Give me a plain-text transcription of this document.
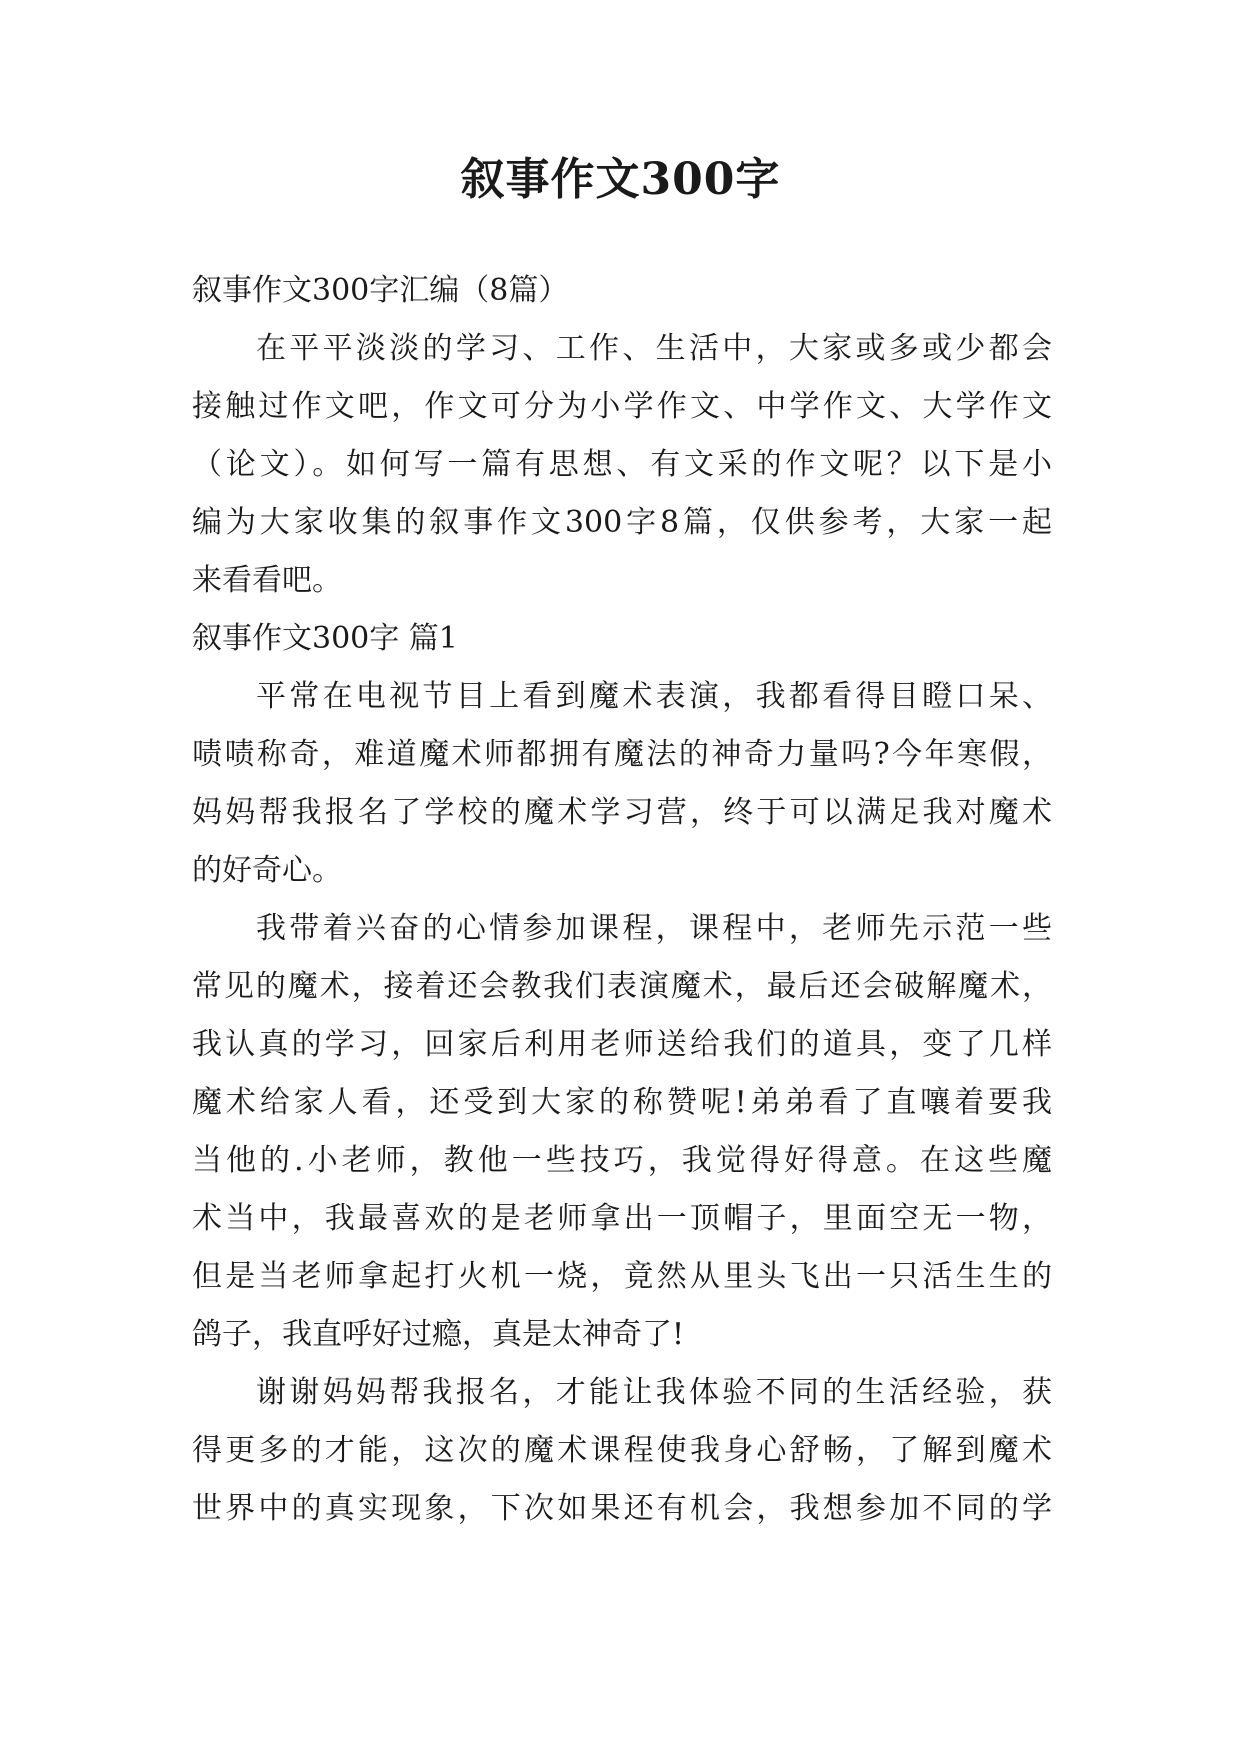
叙事作文300字

叙事作文300字汇编（8篇）

在平平淡淡的学习、工作、生活中，大家或多或少都会

接触过作文吧，作文可分为小学作文、中学作文、大学作文

（论文）。如何写一篇有思想、有文采的作文呢？以下是小

编为大家收集的叙事作文300字8篇，仅供参考，大家一起

来看看吧。

叙事作文300字 篇1

平常在电视节目上看到魔术表演，我都看得目瞪口呆、

啧啧称奇，难道魔术师都拥有魔法的神奇力量吗?今年寒假，

妈妈帮我报名了学校的魔术学习营，终于可以满足我对魔术

的好奇心。

我带着兴奋的心情参加课程，课程中，老师先示范一些

常见的魔术，接着还会教我们表演魔术，最后还会破解魔术，

我认真的学习，回家后利用老师送给我们的道具，变了几样

魔术给家人看，还受到大家的称赞呢!弟弟看了直嚷着要我

当他的.小老师，教他一些技巧，我觉得好得意。在这些魔

术当中，我最喜欢的是老师拿出一顶帽子，里面空无一物，

但是当老师拿起打火机一烧，竟然从里头飞出一只活生生的

鸽子，我直呼好过瘾，真是太神奇了!

谢谢妈妈帮我报名，才能让我体验不同的生活经验，获

得更多的才能，这次的魔术课程使我身心舒畅，了解到魔术

世界中的真实现象，下次如果还有机会，我想参加不同的学
